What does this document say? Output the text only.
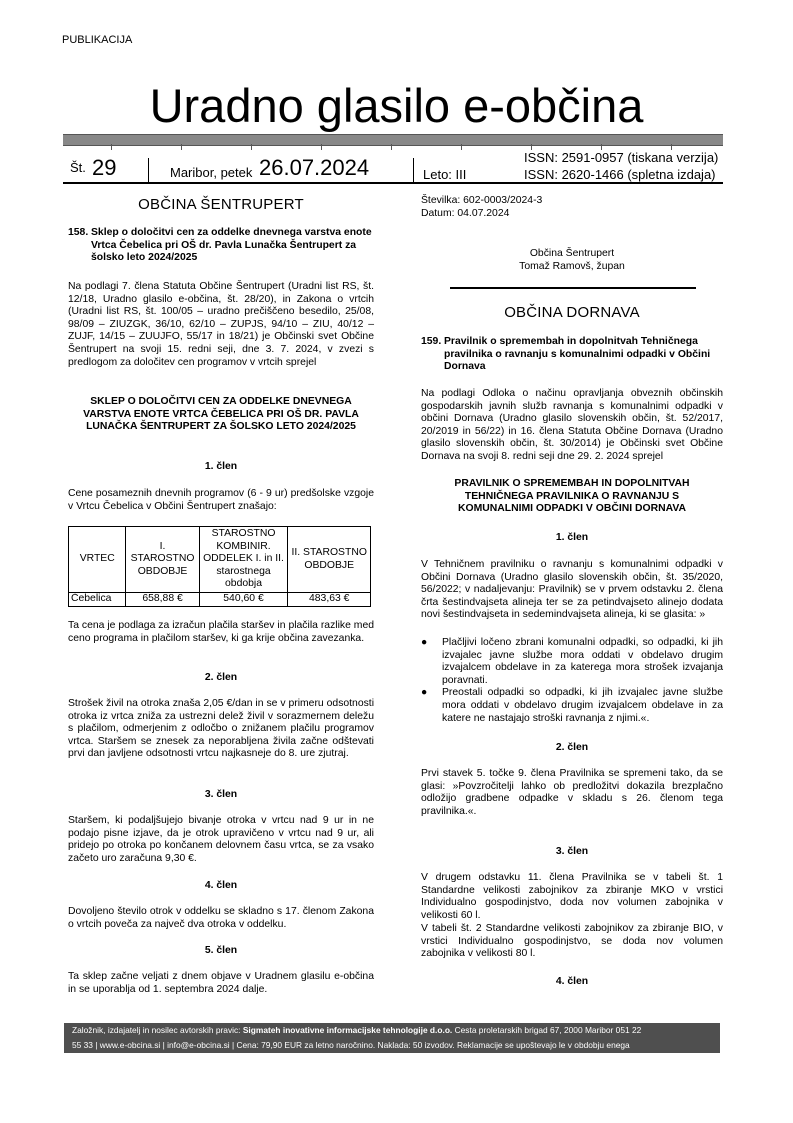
PUBLIKACIJA
Uradno glasilo e-občina
Št. 29	Maribor, petek 26.07.2024	Leto: III
ISSN: 2591-0957 (tiskana verzija)
ISSN: 2620-1466 (spletna izdaja)
OBČINA ŠENTRUPERT
158. Sklep o določitvi cen za oddelke dnevnega varstva enote Vrtca Čebelica pri OŠ dr. Pavla Lunačka Šentrupert za šolsko leto 2024/2025
Na podlagi 7. člena Statuta Občine Šentrupert (Uradni list RS, št. 12/18, Uradno glasilo e-občina, št. 28/20), in Zakona o vrtcih (Uradni list RS, št. 100/05 – uradno prečiščeno besedilo, 25/08, 98/09 – ZIUZGK, 36/10, 62/10 – ZUPJS, 94/10 – ZIU, 40/12 – ZUJF, 14/15 – ZUUJFO, 55/17 in 18/21) je Občinski svet Občine Šentrupert na svoji 15. redni seji, dne 3. 7. 2024, v zvezi s predlogom za določitev cen programov v vrtcih sprejel
SKLEP O DOLOČITVI CEN ZA ODDELKE DNEVNEGA VARSTVA ENOTE VRTCA ČEBELICA PRI OŠ DR. PAVLA LUNAČKA ŠENTRUPERT ZA ŠOLSKO LETO 2024/2025
1. člen
Cene posameznih dnevnih programov (6 - 9 ur) predšolske vzgoje v Vrtcu Čebelica v Občini Šentrupert znašajo:
VRTEC	I. STAROSTNO OBDOBJE	STAROSTNO KOMBINIR. ODDELEK I. in II. starostnega obdobja	II. STAROSTNO OBDOBJE
Čebelica	658,88 €	540,60 €	483,63 €
Ta cena je podlaga za izračun plačila staršev in plačila razlike med ceno programa in plačilom staršev, ki ga krije občina zavezanka.
2. člen
Strošek živil na otroka znaša 2,05 €/dan in se v primeru odsotnosti otroka iz vrtca zniža za ustrezni delež živil v sorazmernem deležu s plačilom, odmerjenim z odločbo o znižanem plačilu programov vrtca. Staršem se znesek za neporabljena živila začne odštevati prvi dan javljene odsotnosti vrtcu najkasneje do 8. ure zjutraj.
3. člen
Staršem, ki podaljšujejo bivanje otroka v vrtcu nad 9 ur in ne podajo pisne izjave, da je otrok upravičeno v vrtcu nad 9 ur, ali pridejo po otroka po končanem delovnem času vrtca, se za vsako začeto uro zaračuna 9,30 €.
4. člen
Dovoljeno število otrok v oddelku se skladno s 17. členom Zakona o vrtcih poveča za največ dva otroka v oddelku.
5. člen
Ta sklep začne veljati z dnem objave v Uradnem glasilu e-občina in se uporablja od 1. septembra 2024 dalje.
Številka: 602-0003/2024-3
Datum: 04.07.2024
Občina Šentrupert
Tomaž Ramovš, župan
OBČINA DORNAVA
159. Pravilnik o spremembah in dopolnitvah Tehničnega pravilnika o ravnanju s komunalnimi odpadki v Občini Dornava
Na podlagi Odloka o načinu opravljanja obveznih občinskih gospodarskih javnih služb ravnanja s komunalnimi odpadki v občini Dornava (Uradno glasilo slovenskih občin, št. 52/2017, 20/2019 in 56/22) in 16. člena Statuta Občine Dornava (Uradno glasilo slovenskih občin, št. 30/2014) je Občinski svet Občine Dornava na svoji 8. redni seji dne 29. 2. 2024 sprejel
PRAVILNIK O SPREMEMBAH IN DOPOLNITVAH TEHNIČNEGA PRAVILNIKA O RAVNANJU S KOMUNALNIMI ODPADKI V OBČINI DORNAVA
1. člen
V Tehničnem pravilniku o ravnanju s komunalnimi odpadki v Občini Dornava (Uradno glasilo slovenskih občin, št. 35/2020, 56/2022; v nadaljevanju: Pravilnik) se v prvem odstavku 2. člena črta šestindvajseta alineja ter se za petindvajseto alinejo dodata novi šestindvajseta in sedemindvajseta alineja, ki se glasita: »
● Plačljivi ločeno zbrani komunalni odpadki, so odpadki, ki jih izvajalec javne službe mora oddati v obdelavo drugim izvajalcem obdelave in za katerega mora strošek izvajanja poravnati.
● Preostali odpadki so odpadki, ki jih izvajalec javne službe mora oddati v obdelavo drugim izvajalcem obdelave in za katere ne nastajajo stroški ravnanja z njimi.«.
2. člen
Prvi stavek 5. točke 9. člena Pravilnika se spremeni tako, da se glasi: »Povzročitelji lahko ob predložitvi dokazila brezplačno odložijo gradbene odpadke v skladu s 26. členom tega pravilnika.«.
3. člen
V drugem odstavku 11. člena Pravilnika se v tabeli št. 1 Standardne velikosti zabojnikov za zbiranje MKO v vrstici Individualno gospodinjstvo, doda nov volumen zabojnika v velikosti 60 l.
V tabeli št. 2 Standardne velikosti zabojnikov za zbiranje BIO, v vrstici Individualno gospodinjstvo, se doda nov volumen zabojnika v velikosti 80 l.
4. člen
Založnik, izdajatelj in nosilec avtorskih pravic: Sigmateh inovativne informacijske tehnologije d.o.o. Cesta proletarskih brigad 67, 2000 Maribor 051 22
55 33 | www.e-obcina.si | info@e-obcina.si | Cena: 79,90 EUR za letno naročnino. Naklada: 50 izvodov. Reklamacije se upoštevajo le v obdobju enega
